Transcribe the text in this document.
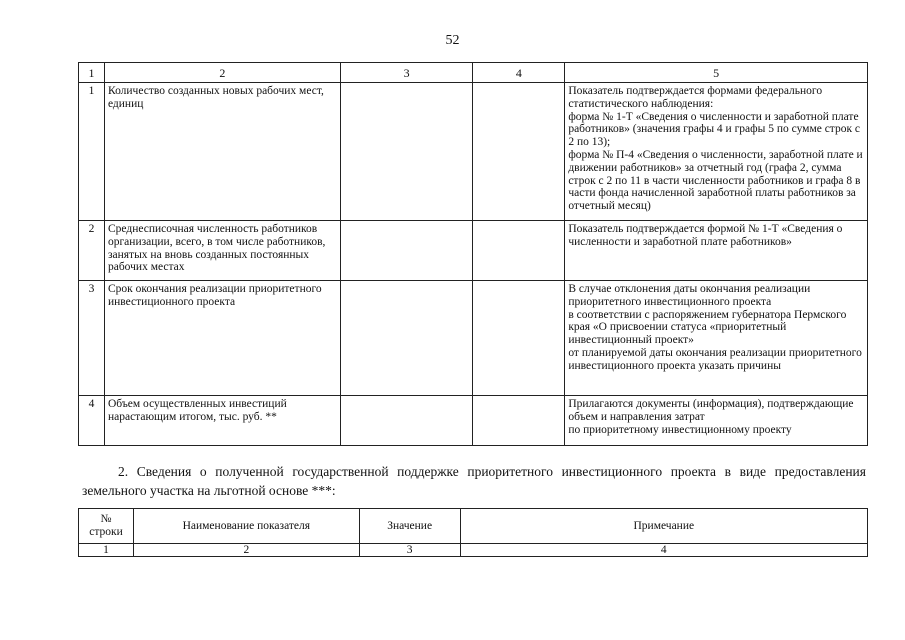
52
1	2	3	4	5
1	Количество созданных новых рабочих мест, единиц			Показатель подтверждается формами федерального статистического наблюдения:
форма № 1-Т «Сведения о численности и заработной плате работников» (значения графы 4 и графы 5 по сумме строк с 2 по 13);
форма № П-4 «Сведения о численности, заработной плате и движении работников» за отчетный год (графа 2, сумма строк с 2 по 11 в части численности работников и графа 8 в части фонда начисленной заработной платы работников за отчетный месяц)
2	Среднесписочная численность работников организации, всего, в том числе работников, занятых на вновь созданных постоянных рабочих местах			Показатель подтверждается формой № 1-Т «Сведения о численности и заработной плате работников»
3	Срок окончания реализации приоритетного инвестиционного проекта			В случае отклонения даты окончания реализации приоритетного инвестиционного проекта
в соответствии с распоряжением губернатора Пермского края «О присвоении статуса «приоритетный инвестиционный проект»
от планируемой даты окончания реализации приоритетного инвестиционного проекта указать причины
4	Объем осуществленных инвестиций нарастающим итогом, тыс. руб. **			Прилагаются документы (информация), подтверждающие объем и направления затрат
по приоритетному инвестиционному проекту
2. Сведения о полученной государственной поддержке приоритетного инвестиционного проекта в виде предоставления земельного участка на льготной основе ***:
№
строки	Наименование показателя	Значение	Примечание
1	2	3	4
